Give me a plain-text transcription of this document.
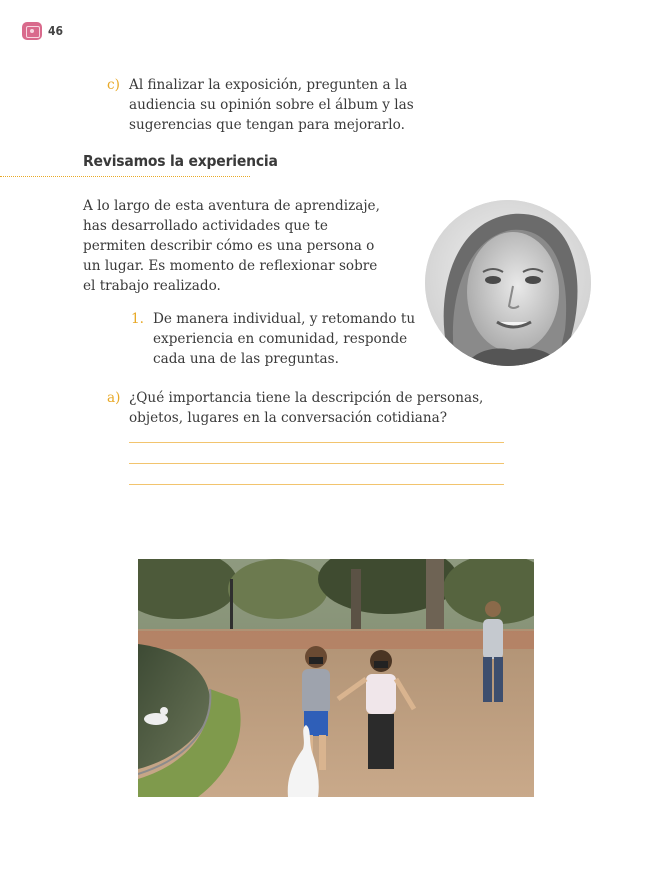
46
c) Al finalizar la exposición, pregunten a la
audiencia su opinión sobre el álbum y las
sugerencias que tengan para mejorarlo.
Revisamos la experiencia
A lo largo de esta aventura de aprendizaje,
has desarrollado actividades que te
permiten describir cómo es una persona o
un lugar. Es momento de reflexionar sobre
el trabajo realizado.
1. De manera individual, y retomando tu
experiencia en comunidad, responde
cada una de las preguntas.
a) ¿Qué importancia tiene la descripción de personas,
objetos, lugares en la conversación cotidiana?
